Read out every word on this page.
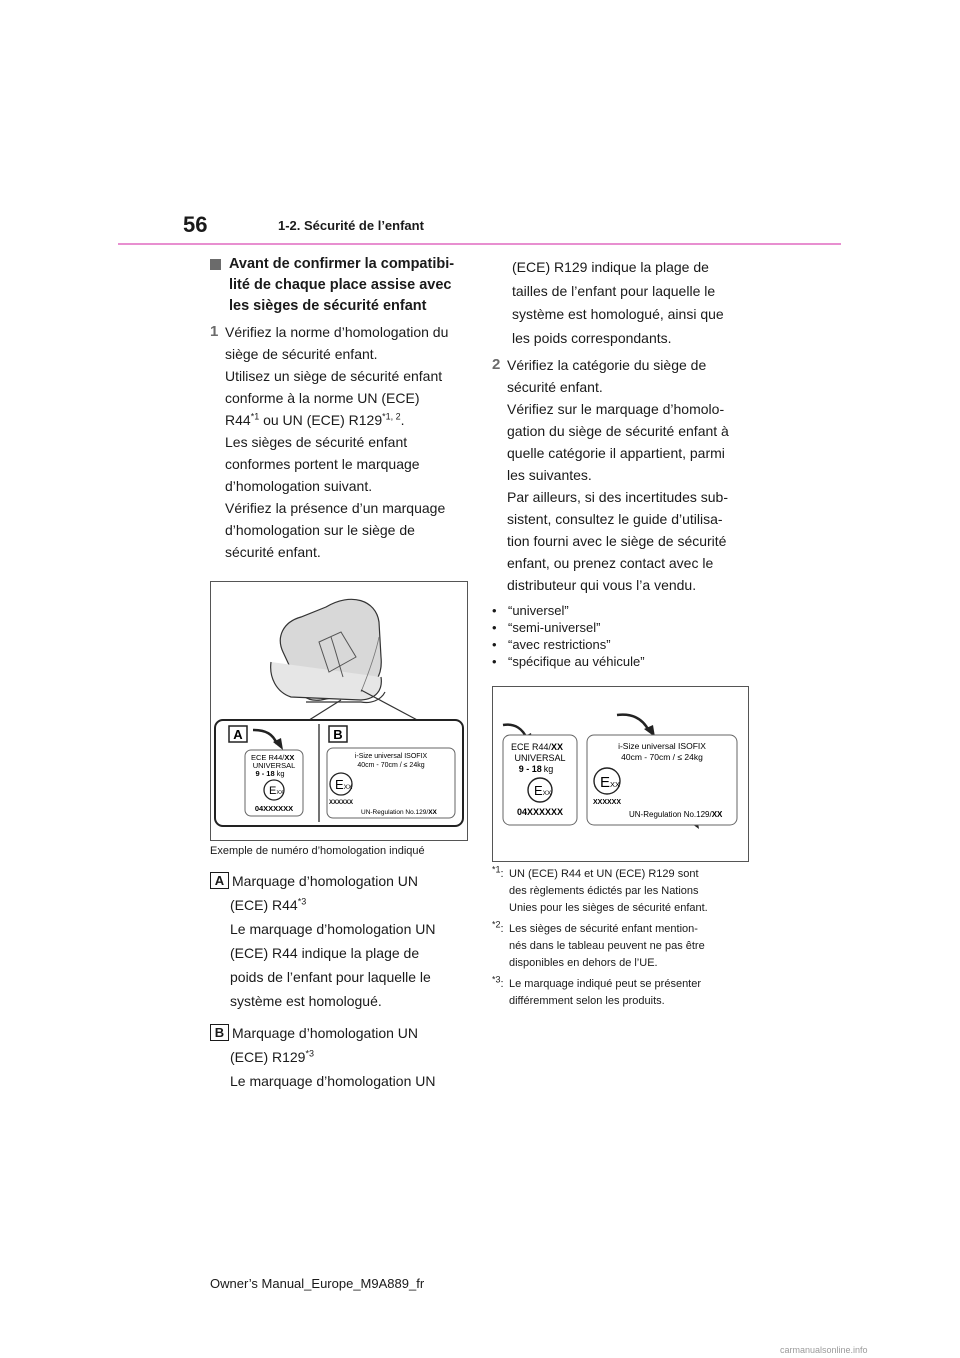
56	1-2. Sécurité de l’enfant
Avant de confirmer la compatibi-
lité de chaque place assise avec
les sièges de sécurité enfant
1 Vérifiez la norme d’homologation du

siège de sécurité enfant.

Utilisez un siège de sécurité enfant

conforme à la norme UN (ECE)

R44$^{*1}$ ou UN (ECE) R129$^{*1, 2}$.

Les sièges de sécurité enfant

conformes portent le marquage

d’homologation suivant.

Vérifiez la présence d’un marquage

d’homologation sur le siège de

sécurité enfant.

A	B
ECE R44/XX
UNIVERSAL
9 - 18 kg
EXX
04XXXXXX
i-Size universal ISOFIX
40cm - 70cm / ≤ 24kg
EXX
XXXXXX
UN-Regulation No.129/XX
Exemple de numéro d’homologation indiqué
A Marquage d’homologation UN

(ECE) R44$^{*3}$

Le marquage d’homologation UN

(ECE) R44 indique la plage de

poids de l’enfant pour laquelle le

système est homologué.

B Marquage d’homologation UN

(ECE) R129$^{*3}$

Le marquage d’homologation UN

(ECE) R129 indique la plage de

tailles de l’enfant pour laquelle le

système est homologué, ainsi que

les poids correspondants.

2 Vérifiez la catégorie du siège de

sécurité enfant.

Vérifiez sur le marquage d’homolo-

gation du siège de sécurité enfant à

quelle catégorie il appartient, parmi

les suivantes.

Par ailleurs, si des incertitudes sub-

sistent, consultez le guide d’utilisa-

tion fourni avec le siège de sécurité

enfant, ou prenez contact avec le

distributeur qui vous l’a vendu.

• “universel”
• “semi-universel”
• “avec restrictions”
• “spécifique au véhicule”
ECE R44/XX
UNIVERSAL
9 - 18 kg
EXX
04XXXXXX
i-Size universal ISOFIX
40cm - 70cm / ≤ 24kg
EXX
XXXXXX
UN-Regulation No.129/XX
$^{*1}$: UN (ECE) R44 et UN (ECE) R129 sont
des règlements édictés par les Nations
Unies pour les sièges de sécurité enfant.
$^{*2}$: Les sièges de sécurité enfant mention-
nés dans le tableau peuvent ne pas être
disponibles en dehors de l’UE.
$^{*3}$: Le marquage indiqué peut se présenter
différemment selon les produits.
Owner’s Manual_Europe_M9A889_fr
carmanualsonline.info
